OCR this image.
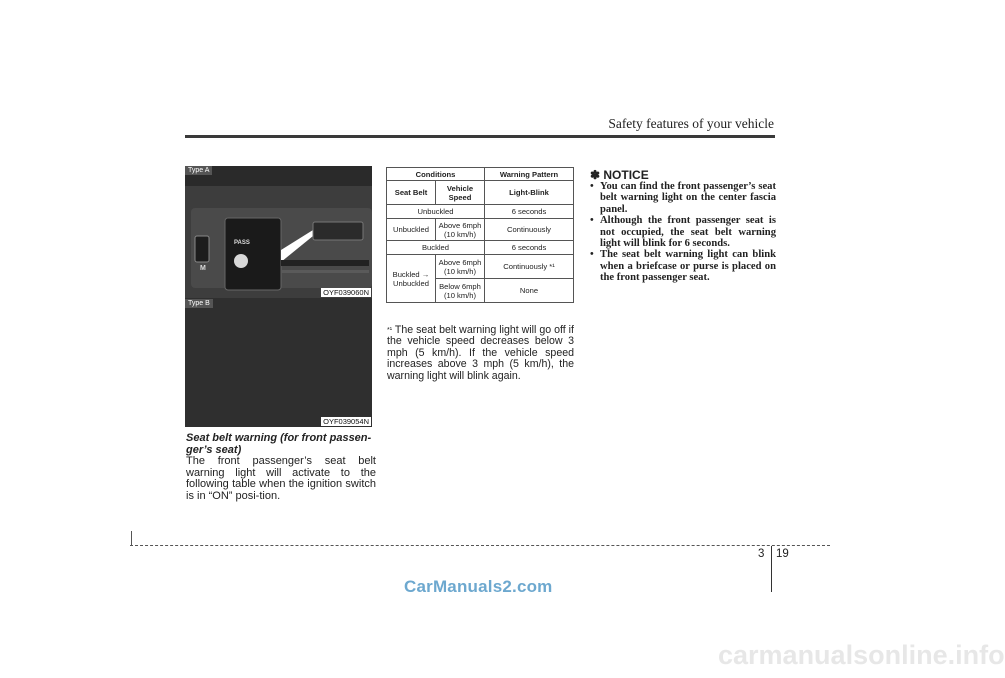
Safety features of your vehicle
Type A
PASS
M
OYF039060N
Type B
OYF039054N
Seat belt warning (for front passen-ger’s seat)
The front passenger’s seat belt warning light will activate to the following table when the ignition switch is in “ON” posi-tion.
Conditions		Warning Pattern
Seat Belt	Vehicle Speed	Light-Blink
Unbuckled		6 seconds
Unbuckled	Above 6mph (10 km/h)	Continuously
Buckled		6 seconds
Buckled → Unbuckled	Above 6mph (10 km/h)	Continuously *¹
	Below 6mph (10 km/h)	None
$^{*^1}$ The seat belt warning light will go off if the vehicle speed decreases below 3 mph (5 km/h). If the vehicle speed increases above 3 mph (5 km/h), the warning light will blink again.
✽ NOTICE
• You can find the front passenger’s seat belt warning light on the center fascia panel.
• Although the front passenger seat is not occupied, the seat belt warning light will blink for 6 seconds.
• The seat belt warning light can blink when a briefcase or purse is placed on the front passenger seat.
3 19
CarManuals2.com
carmanualsonline.info
